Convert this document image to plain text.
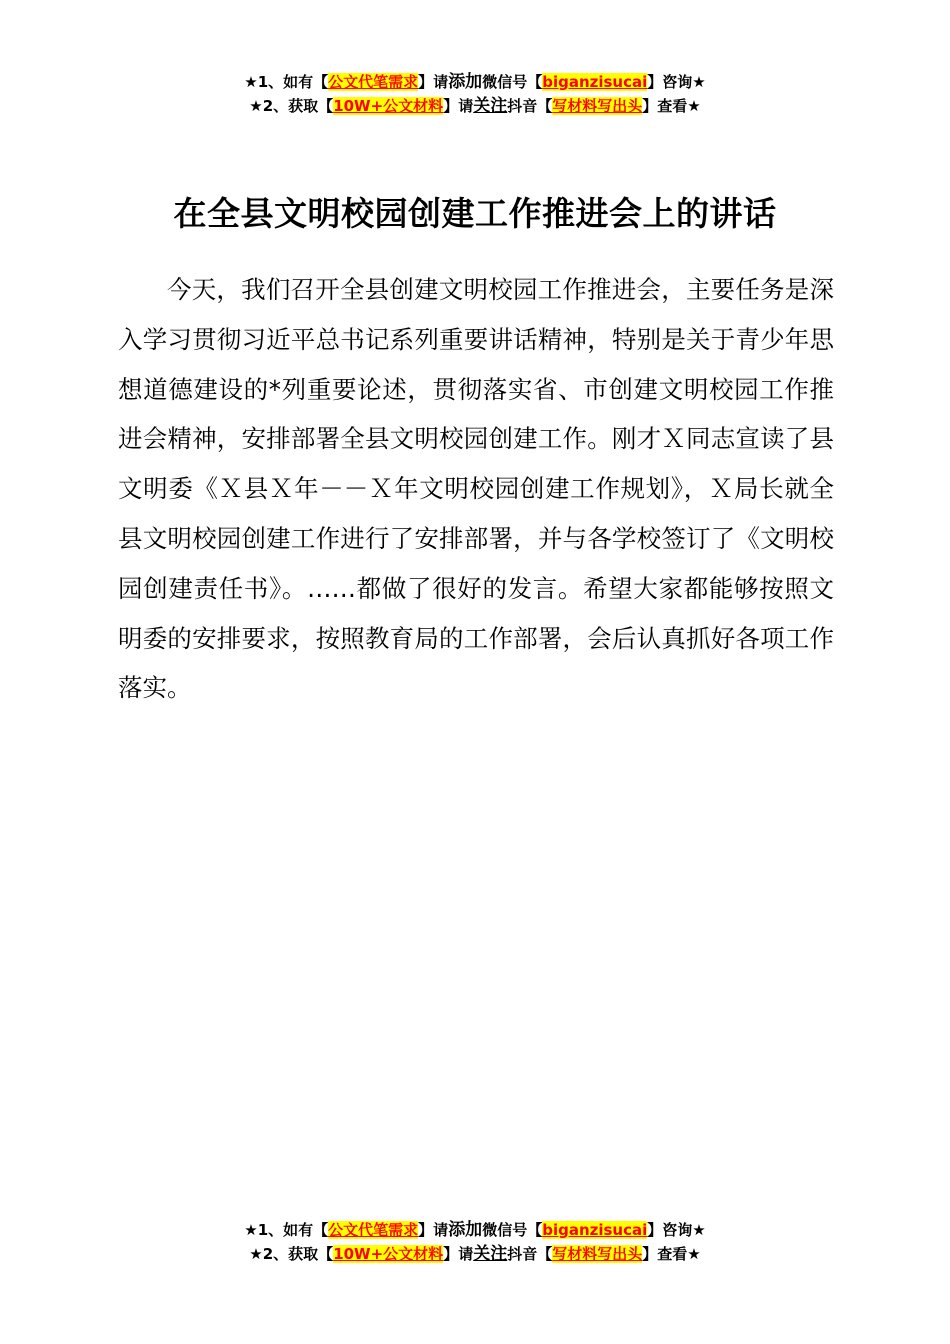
★1、如有【公文代笔需求】请添加微信号【biganzisucai】咨询★
★2、获取【10W+公文材料】请关注抖音【写材料写出头】查看★
在全县文明校园创建工作推进会上的讲话

今天，我们召开全县创建文明校园工作推进会，主要任务是深入学习贯彻习近平总书记系列重要讲话精神，特别是关于青少年思想道德建设的*列重要论述，贯彻落实省、市创建文明校园工作推进会精神，安排部署全县文明校园创建工作。刚才Ｘ同志宣读了县文明委《Ｘ县Ｘ年－－Ｘ年文明校园创建工作规划》，Ｘ局长就全县文明校园创建工作进行了安排部署，并与各学校签订了《文明校园创建责任书》。……都做了很好的发言。希望大家都能够按照文明委的安排要求，按照教育局的工作部署，会后认真抓好各项工作落实。

★1、如有【公文代笔需求】请添加微信号【biganzisucai】咨询★
★2、获取【10W+公文材料】请关注抖音【写材料写出头】查看★
